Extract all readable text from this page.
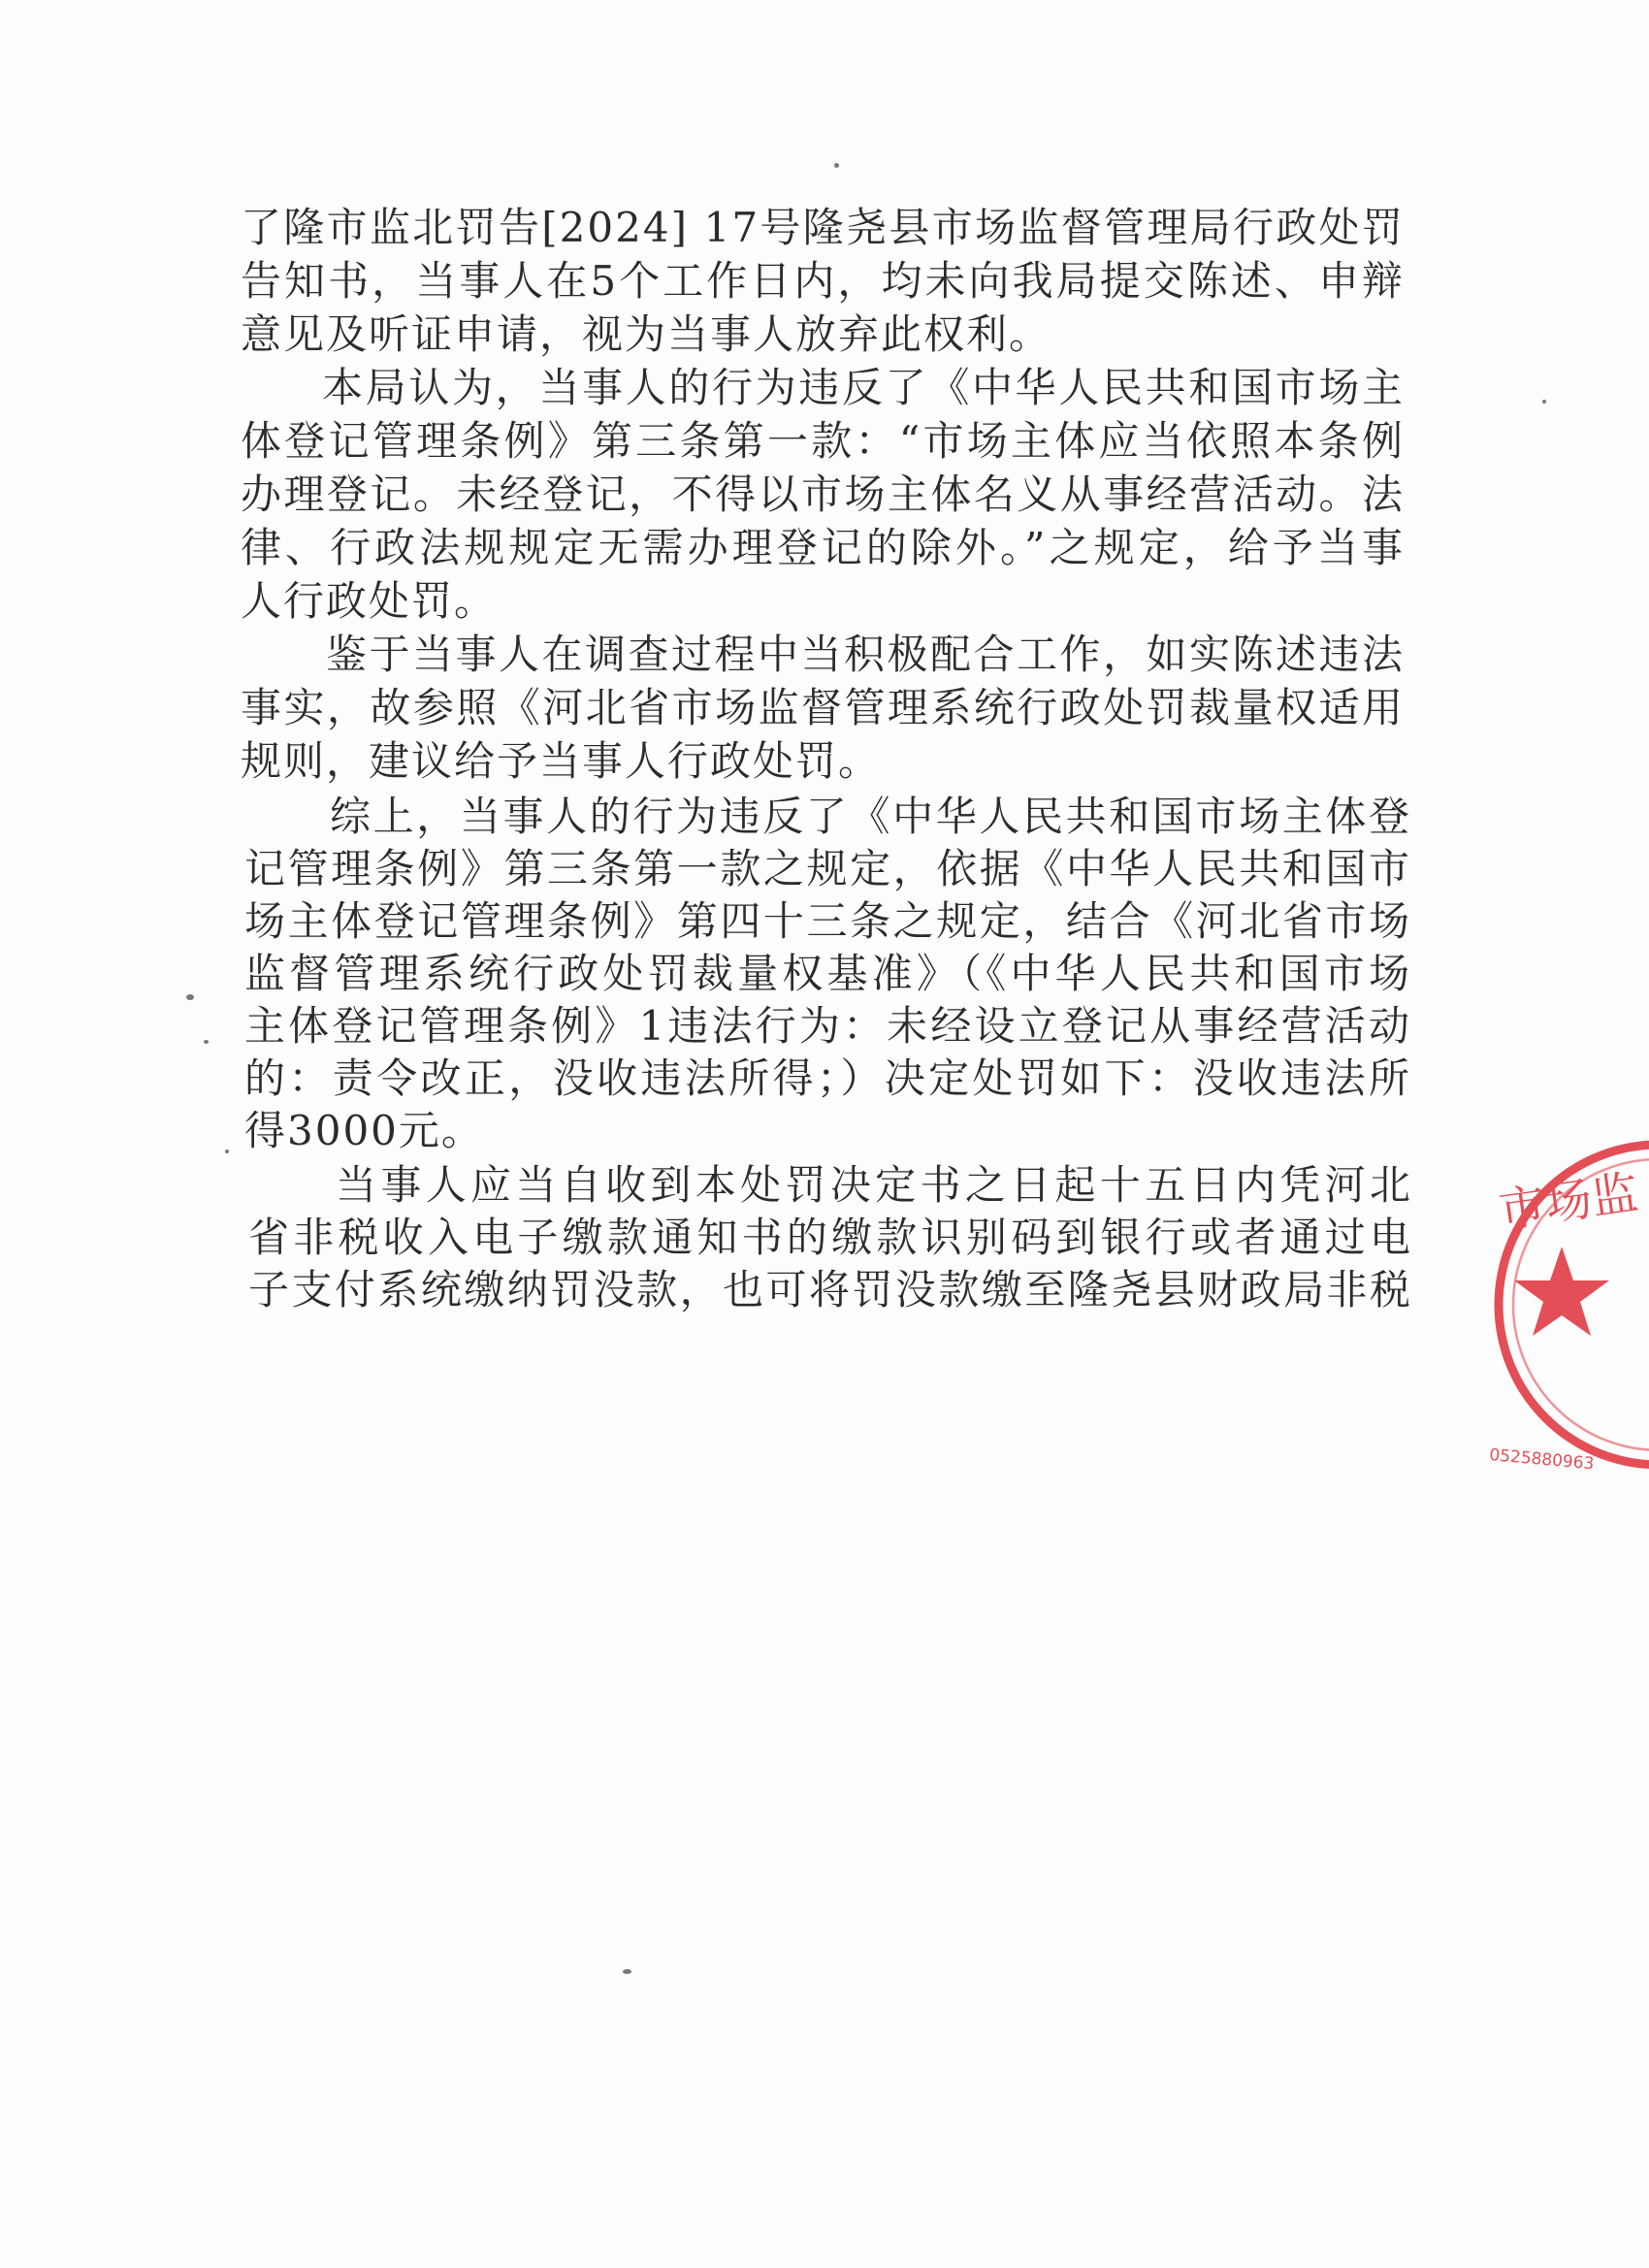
了隆市监北罚告[2024] 17号隆尧县市场监督管理局行政处罚
告知书，当事人在5个工作日内，均未向我局提交陈述、申辩
意见及听证申请，视为当事人放弃此权利。
本局认为，当事人的行为违反了《中华人民共和国市场主
体登记管理条例》第三条第一款：“市场主体应当依照本条例
办理登记。未经登记，不得以市场主体名义从事经营活动。法
律、行政法规规定无需办理登记的除外。”之规定，给予当事
人行政处罚。
鉴于当事人在调查过程中当积极配合工作，如实陈述违法
事实，故参照《河北省市场监督管理系统行政处罚裁量权适用
规则，建议给予当事人行政处罚。
综上，当事人的行为违反了《中华人民共和国市场主体登
记管理条例》第三条第一款之规定，依据《中华人民共和国市
场主体登记管理条例》第四十三条之规定，结合《河北省市场
监督管理系统行政处罚裁量权基准》（《中华人民共和国市场
主体登记管理条例》1违法行为：未经设立登记从事经营活动
的：责令改正，没收违法所得；）决定处罚如下：没收违法所
得3000元。
当事人应当自收到本处罚决定书之日起十五日内凭河北
省非税收入电子缴款通知书的缴款识别码到银行或者通过电
子支付系统缴纳罚没款，也可将罚没款缴至隆尧县财政局非税
市场监
0525880963
